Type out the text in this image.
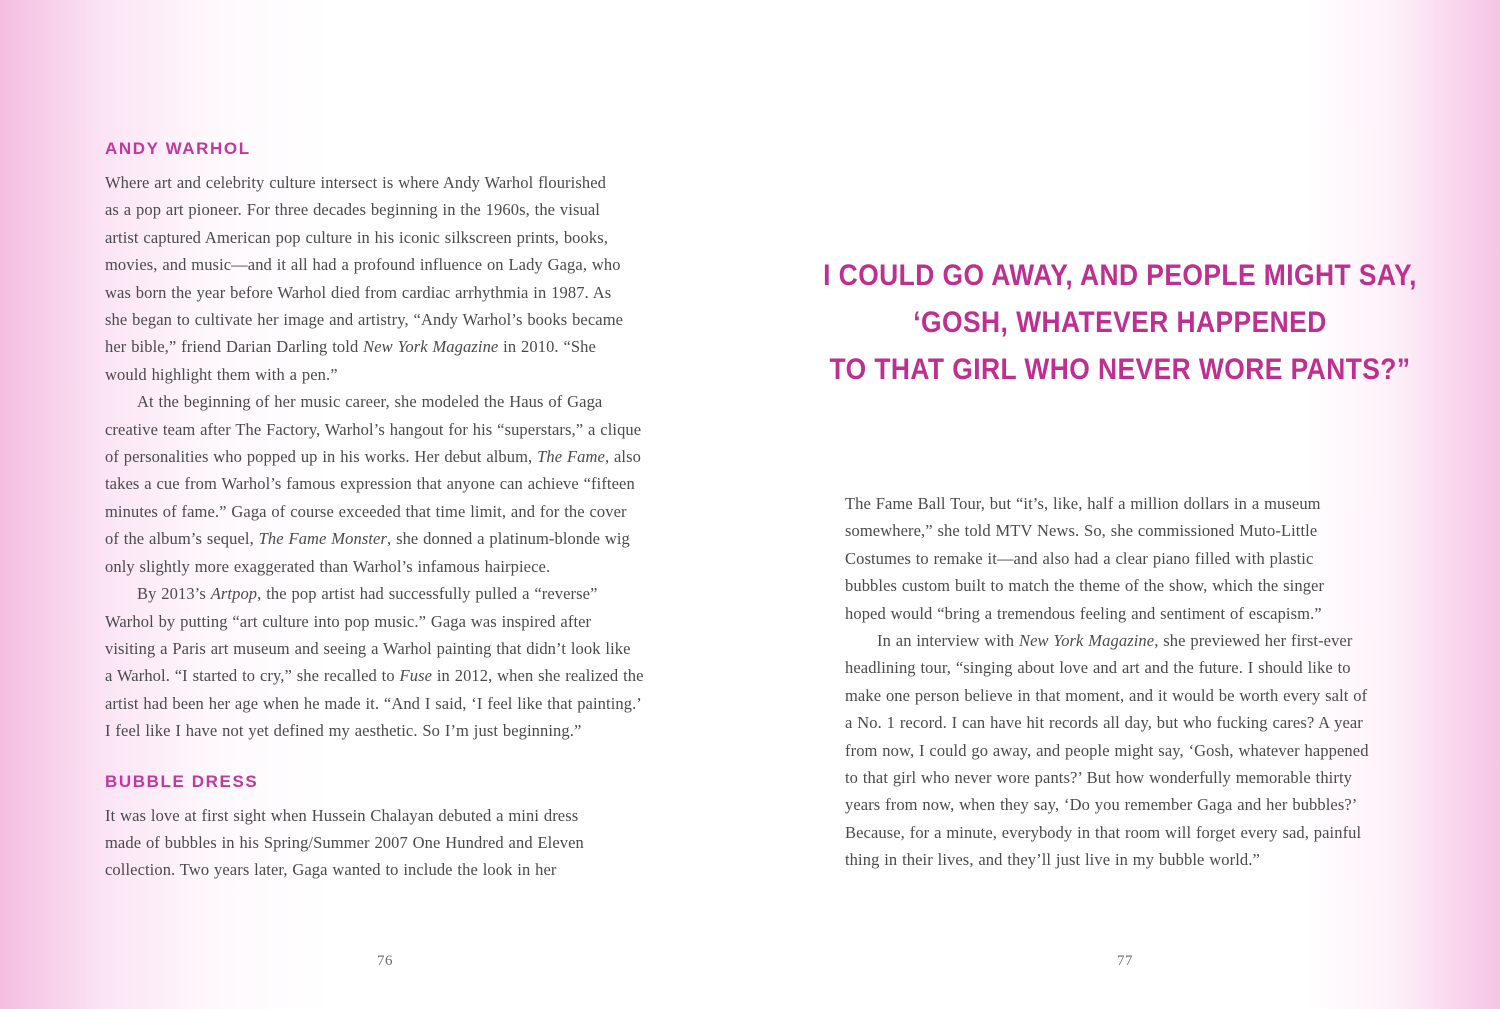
ANDY WARHOL
Where art and celebrity culture intersect is where Andy Warhol flourished
as a pop art pioneer. For three decades beginning in the 1960s, the visual
artist captured American pop culture in his iconic silkscreen prints, books,
movies, and music—and it all had a profound influence on Lady Gaga, who
was born the year before Warhol died from cardiac arrhythmia in 1987. As
she began to cultivate her image and artistry, “Andy Warhol’s books became
her bible,” friend Darian Darling told New York Magazine in 2010. “She
would highlight them with a pen.”
At the beginning of her music career, she modeled the Haus of Gaga
creative team after The Factory, Warhol’s hangout for his “superstars,” a clique
of personalities who popped up in his works. Her debut album, The Fame, also
takes a cue from Warhol’s famous expression that anyone can achieve “fifteen
minutes of fame.” Gaga of course exceeded that time limit, and for the cover
of the album’s sequel, The Fame Monster, she donned a platinum-blonde wig
only slightly more exaggerated than Warhol’s infamous hairpiece.
By 2013’s Artpop, the pop artist had successfully pulled a “reverse”
Warhol by putting “art culture into pop music.” Gaga was inspired after
visiting a Paris art museum and seeing a Warhol painting that didn’t look like
a Warhol. “I started to cry,” she recalled to Fuse in 2012, when she realized the
artist had been her age when he made it. “And I said, ‘I feel like that painting.’
I feel like I have not yet defined my aesthetic. So I’m just beginning.”
BUBBLE DRESS
It was love at first sight when Hussein Chalayan debuted a mini dress
made of bubbles in his Spring/Summer 2007 One Hundred and Eleven
collection. Two years later, Gaga wanted to include the look in her
I COULD GO AWAY, AND PEOPLE MIGHT SAY,
‘GOSH, WHATEVER HAPPENED
TO THAT GIRL WHO NEVER WORE PANTS?”
The Fame Ball Tour, but “it’s, like, half a million dollars in a museum
somewhere,” she told MTV News. So, she commissioned Muto-Little
Costumes to remake it—and also had a clear piano filled with plastic
bubbles custom built to match the theme of the show, which the singer
hoped would “bring a tremendous feeling and sentiment of escapism.”
In an interview with New York Magazine, she previewed her first-ever
headlining tour, “singing about love and art and the future. I should like to
make one person believe in that moment, and it would be worth every salt of
a No. 1 record. I can have hit records all day, but who fucking cares? A year
from now, I could go away, and people might say, ‘Gosh, whatever happened
to that girl who never wore pants?’ But how wonderfully memorable thirty
years from now, when they say, ‘Do you remember Gaga and her bubbles?’
Because, for a minute, everybody in that room will forget every sad, painful
thing in their lives, and they’ll just live in my bubble world.”
76	77
